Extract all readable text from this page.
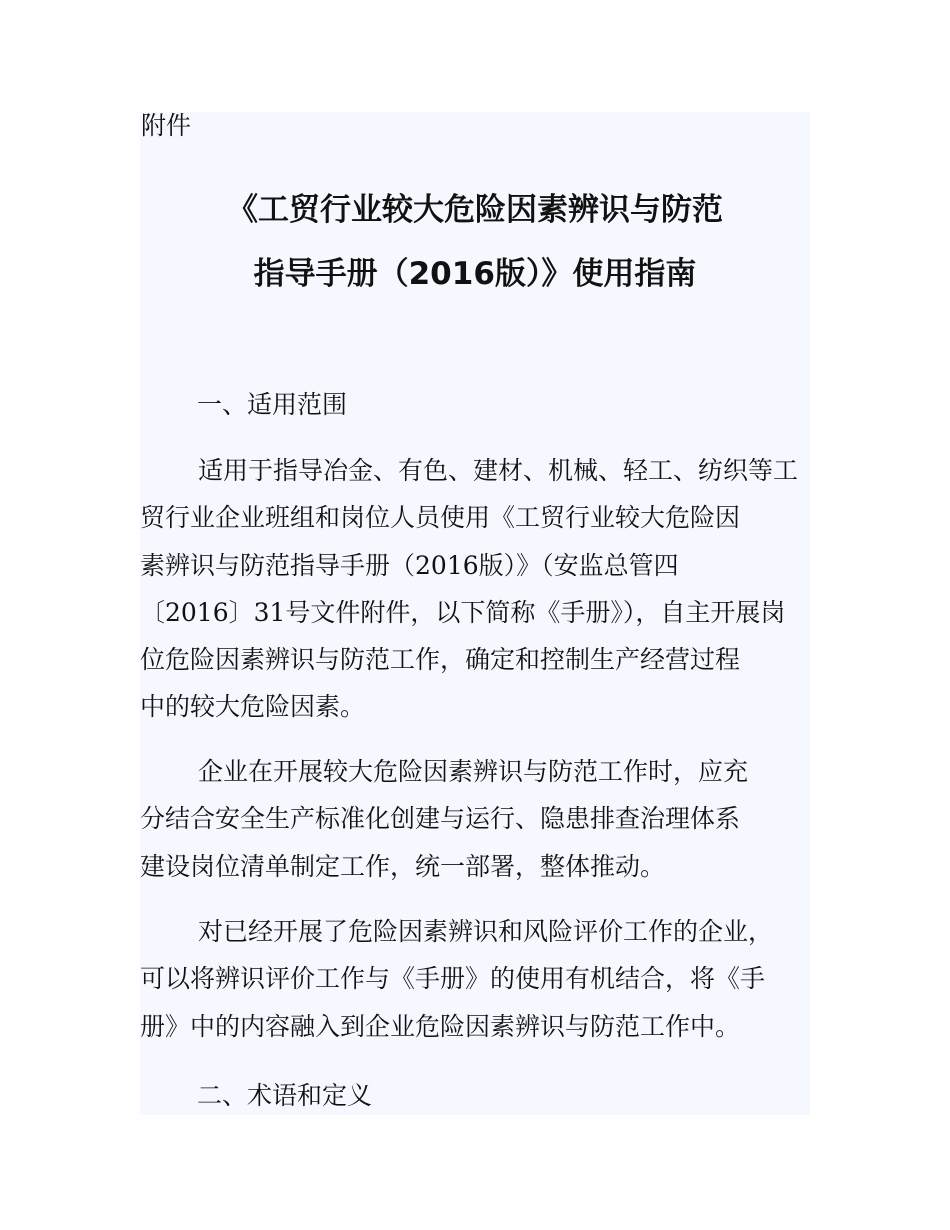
附件
《工贸行业较大危险因素辨识与防范
指导手册（2016版）》使用指南
一、适用范围
适用于指导冶金、有色、建材、机械、轻工、纺织等工
贸行业企业班组和岗位人员使用《工贸行业较大危险因
素辨识与防范指导手册（2016版）》（安监总管四
〔2016〕31号文件附件，以下简称《手册》），自主开展岗
位危险因素辨识与防范工作，确定和控制生产经营过程
中的较大危险因素。
企业在开展较大危险因素辨识与防范工作时，应充
分结合安全生产标准化创建与运行、隐患排查治理体系
建设岗位清单制定工作，统一部署，整体推动。
对已经开展了危险因素辨识和风险评价工作的企业，
可以将辨识评价工作与《手册》的使用有机结合，将《手
册》中的内容融入到企业危险因素辨识与防范工作中。
二、术语和定义
